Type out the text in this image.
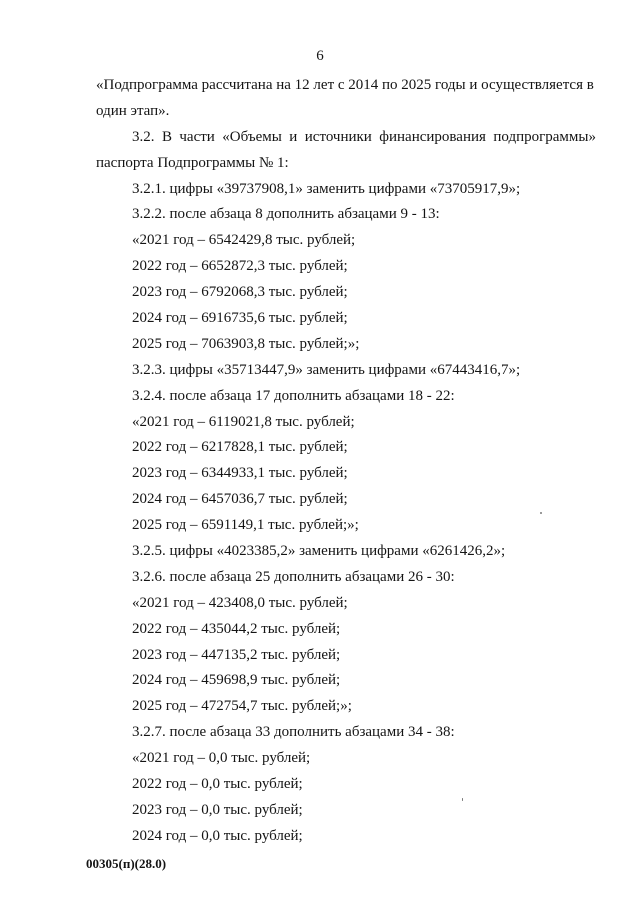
6
«Подпрограмма рассчитана на 12 лет с 2014 по 2025 годы и осуществляется в
один этап».
3.2. В части «Объемы и источники финансирования подпрограммы»
паспорта Подпрограммы № 1:
3.2.1. цифры «39737908,1» заменить цифрами «73705917,9»;
3.2.2. после абзаца 8 дополнить абзацами 9 - 13:
«2021 год – 6542429,8 тыс. рублей;
2022 год – 6652872,3 тыс. рублей;
2023 год – 6792068,3 тыс. рублей;
2024 год – 6916735,6 тыс. рублей;
2025 год – 7063903,8 тыс. рублей;»;
3.2.3. цифры «35713447,9» заменить цифрами «67443416,7»;
3.2.4. после абзаца 17 дополнить абзацами 18 - 22:
«2021 год – 6119021,8 тыс. рублей;
2022 год – 6217828,1 тыс. рублей;
2023 год – 6344933,1 тыс. рублей;
2024 год – 6457036,7 тыс. рублей;
2025 год – 6591149,1 тыс. рублей;»;
3.2.5. цифры «4023385,2» заменить цифрами «6261426,2»;
3.2.6. после абзаца 25 дополнить абзацами 26 - 30:
«2021 год – 423408,0 тыс. рублей;
2022 год – 435044,2 тыс. рублей;
2023 год – 447135,2 тыс. рублей;
2024 год – 459698,9 тыс. рублей;
2025 год – 472754,7 тыс. рублей;»;
3.2.7. после абзаца 33 дополнить абзацами 34 - 38:
«2021 год – 0,0 тыс. рублей;
2022 год – 0,0 тыс. рублей;
2023 год – 0,0 тыс. рублей;
2024 год – 0,0 тыс. рублей;
00305(п)(28.0)
